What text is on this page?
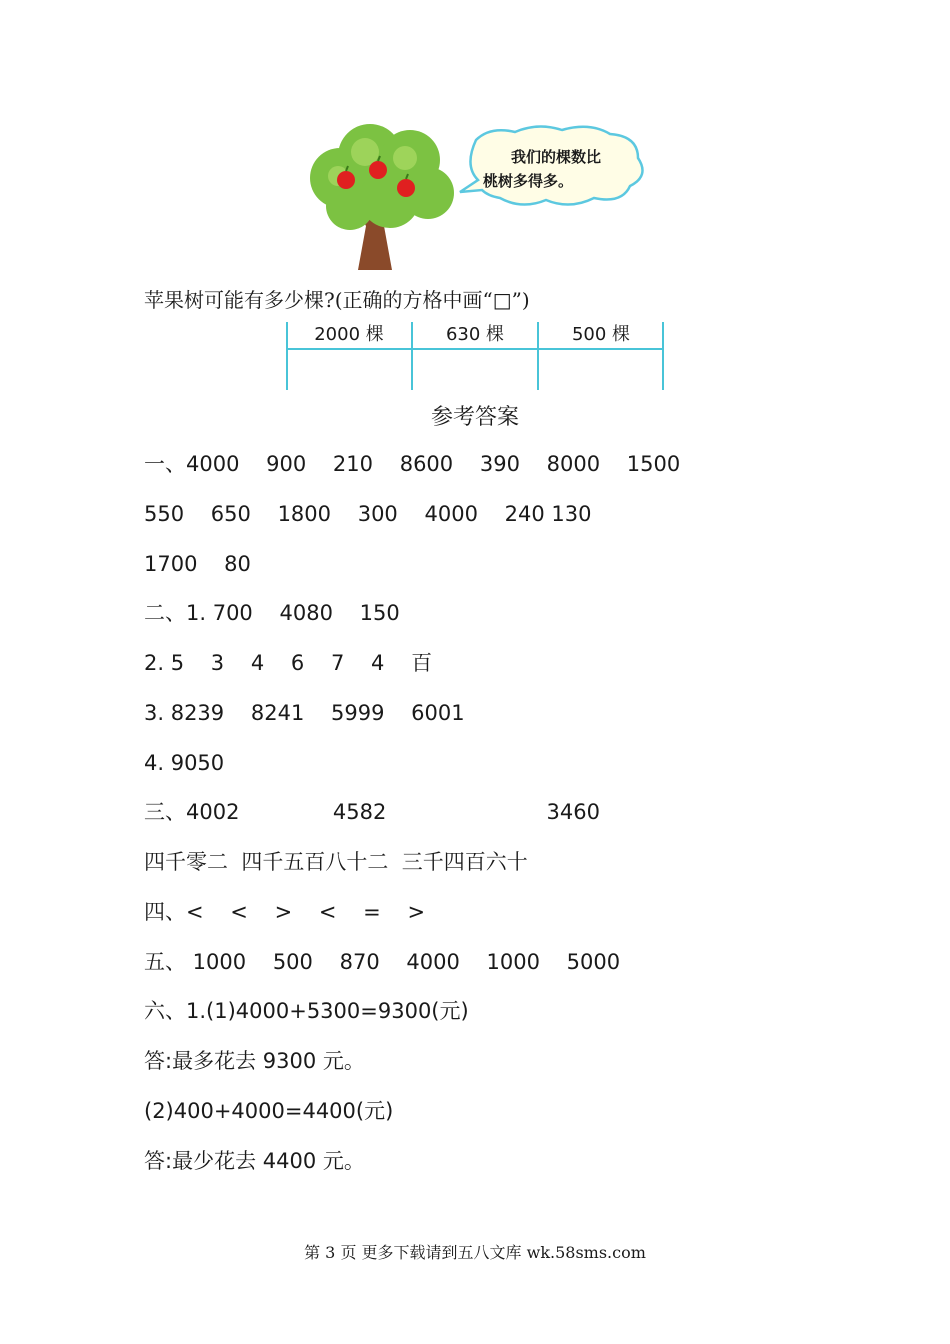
我们的棵数比
桃树多得多。
苹果树可能有多少棵?(正确的方格中画“□”)
2000 棵	630 棵	500 棵
参考答案
一、4000    900    210    8600    390    8000    1500
550    650    1800    300    4000    240 130
1700    80
二、1. 700    4080    150
2. 5    3    4    6    7    4    百
3. 8239    8241    5999    6001
4. 9050
三、4002              4582                        3460
四千零二  四千五百八十二  三千四百六十
四、<    <    >    <    =    >
五、 1000    500    870    4000    1000    5000
六、1.(1)4000+5300=9300(元)
答:最多花去 9300 元。
(2)400+4000=4400(元)
答:最少花去 4400 元。
第 3 页 更多下载请到五八文库 wk.58sms.com
